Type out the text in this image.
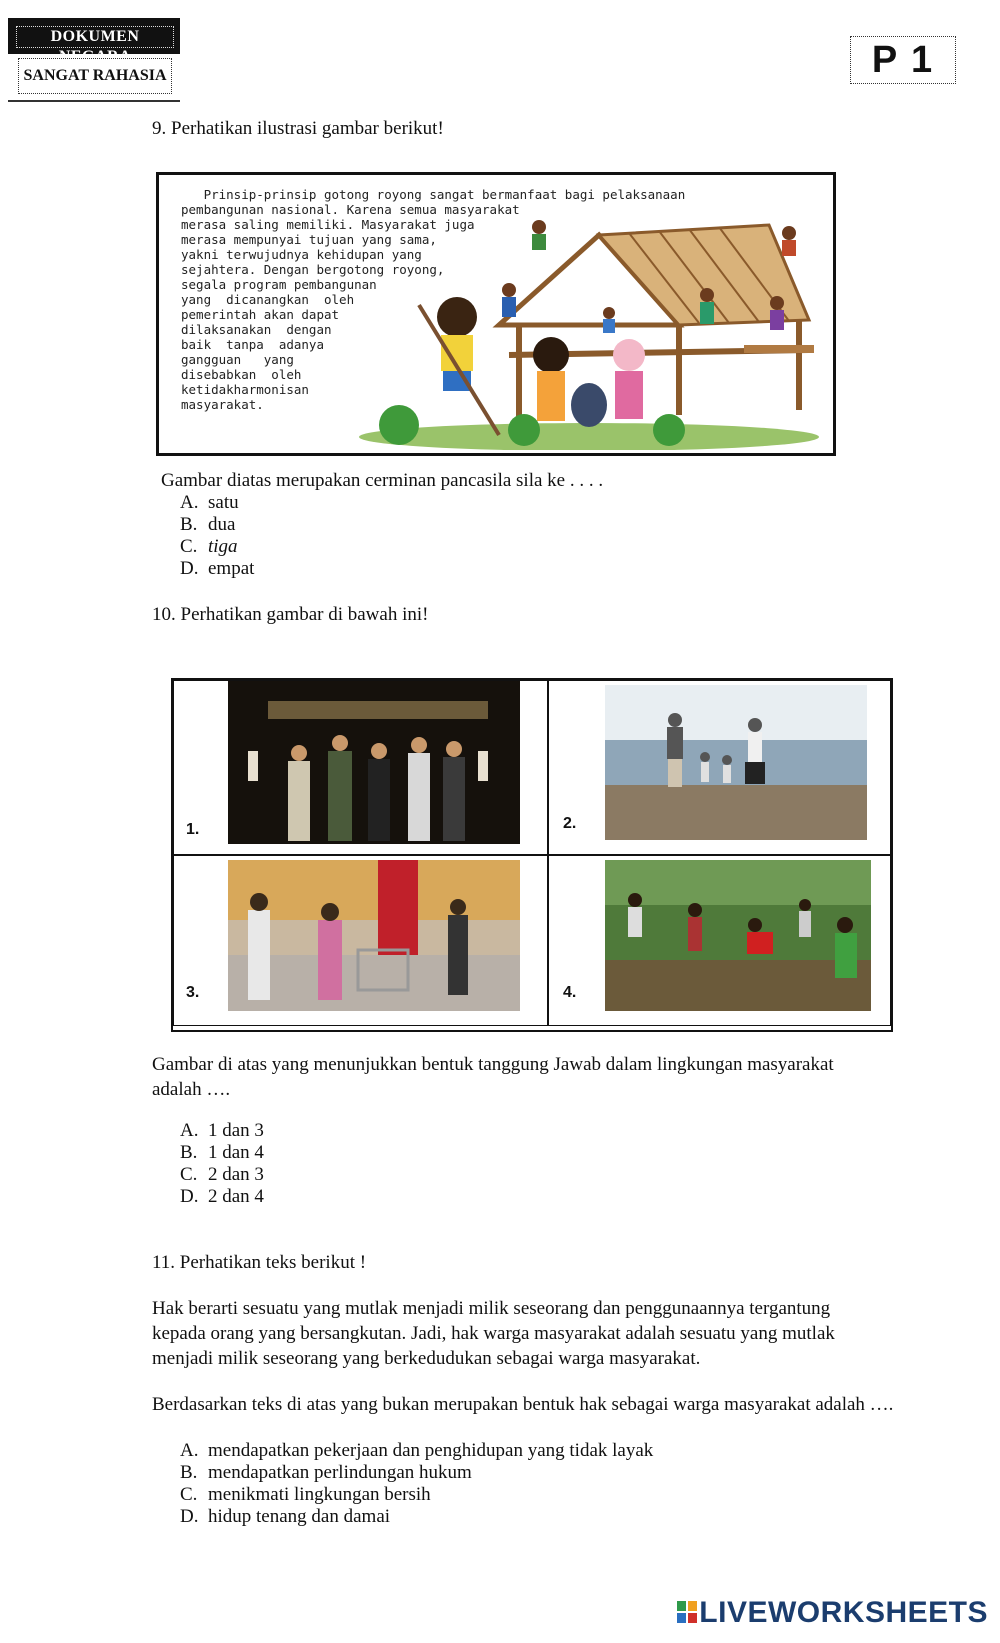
DOKUMEN NEGARA
SANGAT RAHASIA	P 1
9. Perhatikan ilustrasi gambar berikut!
Prinsip-prinsip gotong royong sangat bermanfaat bagi pelaksanaan
pembangunan nasional. Karena semua masyarakat
merasa saling memiliki. Masyarakat juga
merasa mempunyai tujuan yang sama,
yakni terwujudnya kehidupan yang
sejahtera. Dengan bergotong royong,
segala program pembangunan
yang  dicanangkan  oleh
pemerintah akan dapat
dilaksanakan  dengan
baik  tanpa  adanya
gangguan   yang
disebabkan  oleh
ketidakharmonisan
masyarakat.
Gambar diatas merupakan cerminan pancasila sila ke . . . .
A. satu
B. dua
C. tiga
D. empat
10. Perhatikan gambar di bawah ini!
1.	2.
3.	4.
Gambar di atas yang menunjukkan bentuk tanggung Jawab dalam lingkungan masyarakat adalah ….
A. 1 dan 3
B. 1 dan 4
C. 2 dan 3
D. 2 dan 4
11. Perhatikan teks berikut !
Hak berarti sesuatu yang mutlak menjadi milik seseorang dan penggunaannya tergantung kepada orang yang bersangkutan. Jadi, hak warga masyarakat adalah sesuatu yang mutlak menjadi milik seseorang yang berkedudukan sebagai warga masyarakat.
Berdasarkan teks di atas yang bukan merupakan bentuk hak sebagai warga masyarakat adalah ….
A. mendapatkan pekerjaan dan penghidupan yang tidak layak
B. mendapatkan perlindungan hukum
C. menikmati lingkungan bersih
D. hidup tenang dan damai
LIVEWORKSHEETS
